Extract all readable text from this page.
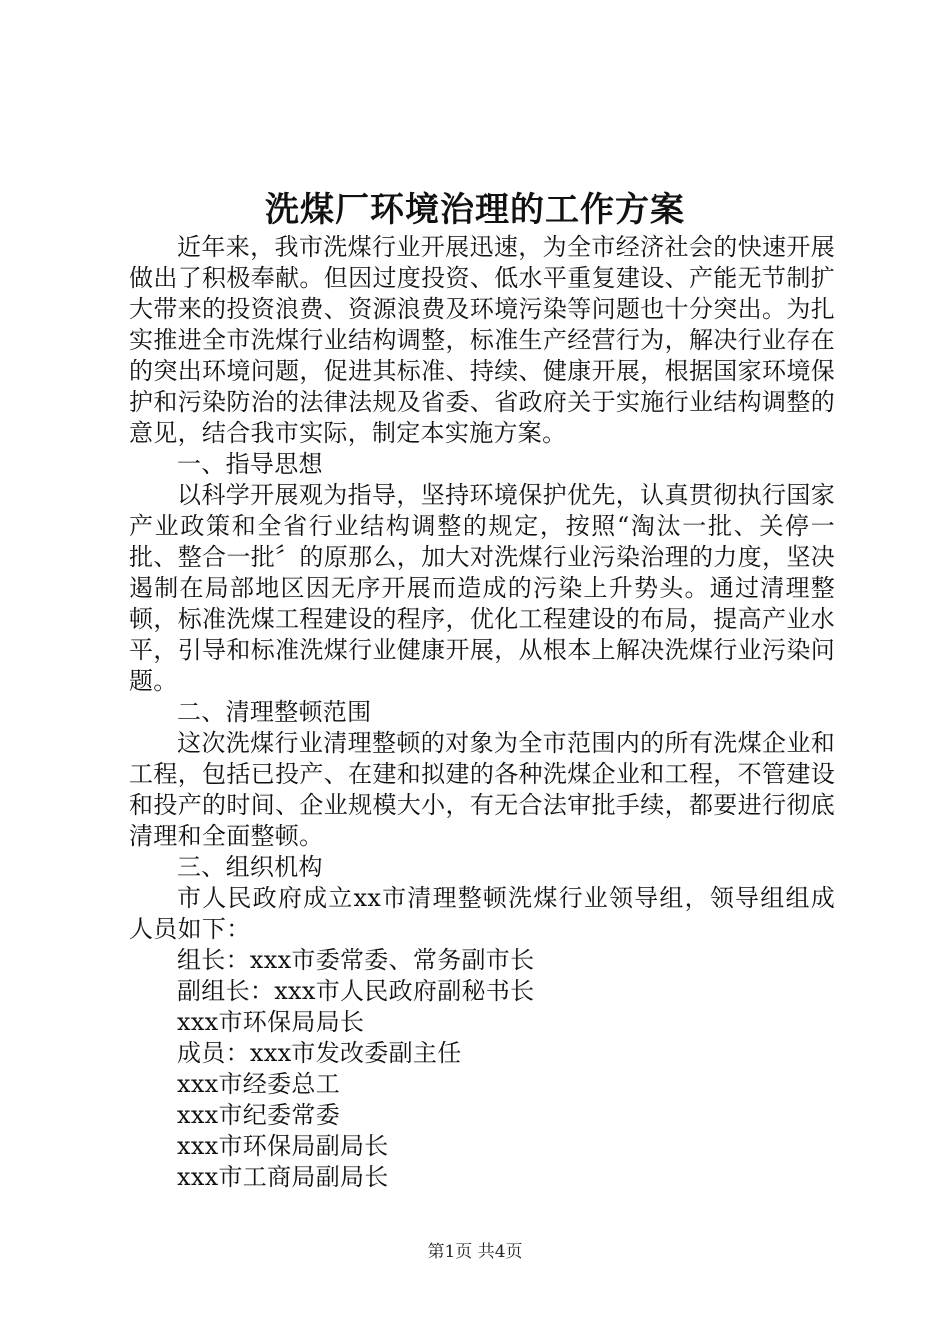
洗煤厂环境治理的工作方案

近年来，我市洗煤行业开展迅速，为全市经济社会的快速开展做出了积极奉献。但因过度投资、低水平重复建设、产能无节制扩大带来的投资浪费、资源浪费及环境污染等问题也十分突出。为扎实推进全市洗煤行业结构调整，标准生产经营行为，解决行业存在的突出环境问题，促进其标准、持续、健康开展，根据国家环境保护和污染防治的法律法规及省委、省政府关于实施行业结构调整的意见，结合我市实际，制定本实施方案。

一、指导思想

以科学开展观为指导，坚持环境保护优先，认真贯彻执行国家产业政策和全省行业结构调整的规定，按照“淘汰一批、关停一批、整合一批〞的原那么，加大对洗煤行业污染治理的力度，坚决遏制在局部地区因无序开展而造成的污染上升势头。通过清理整顿，标准洗煤工程建设的程序，优化工程建设的布局，提高产业水平，引导和标准洗煤行业健康开展，从根本上解决洗煤行业污染问题。

二、清理整顿范围

这次洗煤行业清理整顿的对象为全市范围内的所有洗煤企业和工程，包括已投产、在建和拟建的各种洗煤企业和工程，不管建设和投产的时间、企业规模大小，有无合法审批手续，都要进行彻底清理和全面整顿。

三、组织机构

市人民政府成立xx市清理整顿洗煤行业领导组，领导组组成人员如下：

组长：xxx市委常委、常务副市长

副组长：xxx市人民政府副秘书长

xxx市环保局局长

成员：xxx市发改委副主任

xxx市经委总工

xxx市纪委常委

xxx市环保局副局长

xxx市工商局副局长

第1页 共4页
